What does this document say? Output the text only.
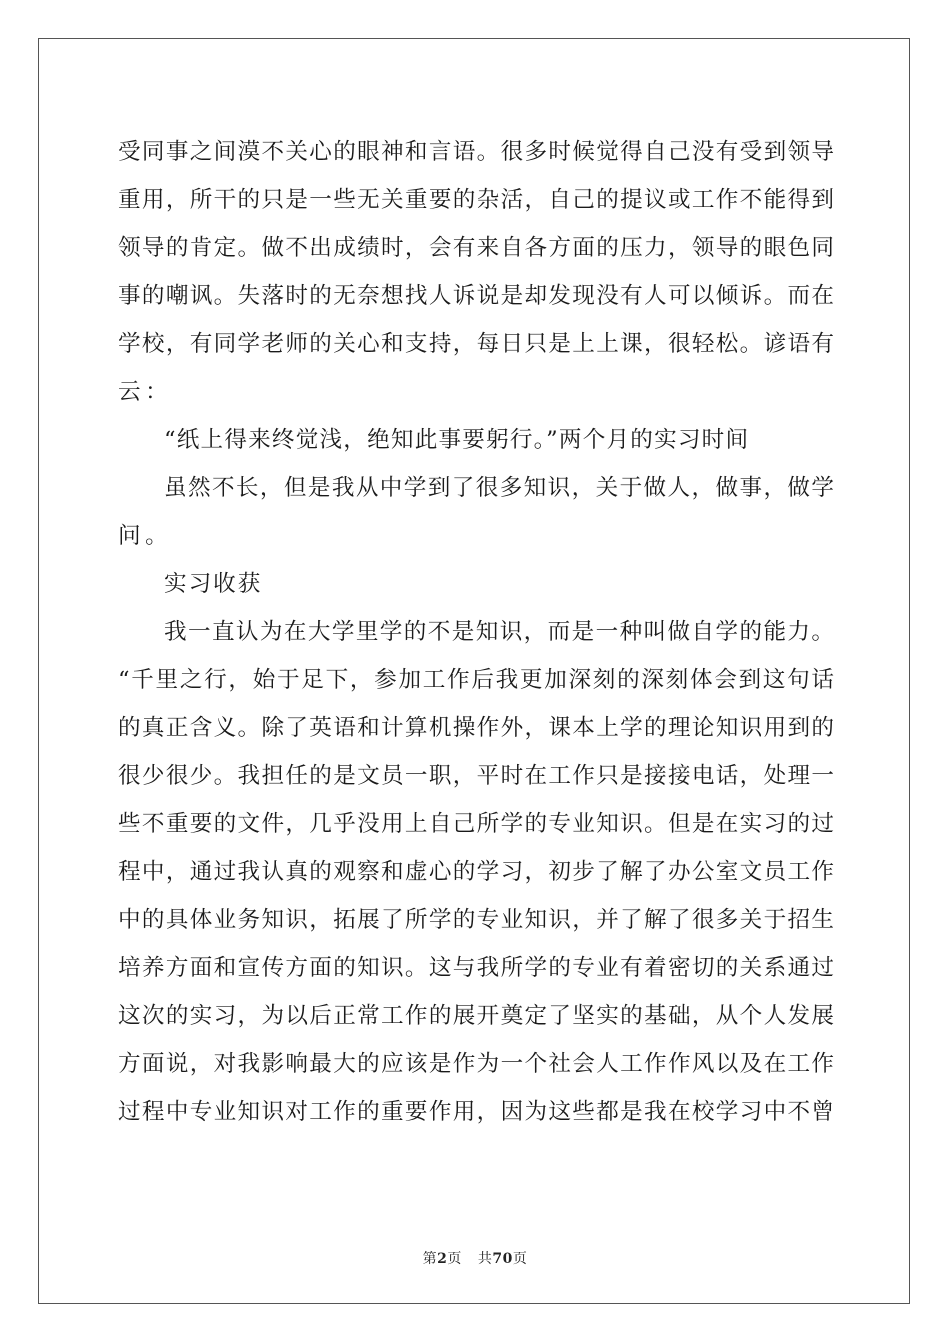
受同事之间漠不关心的眼神和言语。很多时候觉得自己没有受到领导
重用，所干的只是一些无关重要的杂活，自己的提议或工作不能得到
领导的肯定。做不出成绩时，会有来自各方面的压力，领导的眼色同
事的嘲讽。失落时的无奈想找人诉说是却发现没有人可以倾诉。而在
学校，有同学老师的关心和支持，每日只是上上课，很轻松。谚语有
云：
“纸上得来终觉浅，绝知此事要躬行。”两个月的实习时间
虽然不长，但是我从中学到了很多知识，关于做人，做事，做学
问。
实习收获
我一直认为在大学里学的不是知识，而是一种叫做自学的能力。
“千里之行，始于足下，参加工作后我更加深刻的深刻体会到这句话
的真正含义。除了英语和计算机操作外，课本上学的理论知识用到的
很少很少。我担任的是文员一职，平时在工作只是接接电话，处理一
些不重要的文件，几乎没用上自己所学的专业知识。但是在实习的过
程中，通过我认真的观察和虚心的学习，初步了解了办公室文员工作
中的具体业务知识，拓展了所学的专业知识，并了解了很多关于招生
培养方面和宣传方面的知识。这与我所学的专业有着密切的关系通过
这次的实习，为以后正常工作的展开奠定了坚实的基础，从个人发展
方面说，对我影响最大的应该是作为一个社会人工作作风以及在工作
过程中专业知识对工作的重要作用，因为这些都是我在校学习中不曾
第2页 共70页
